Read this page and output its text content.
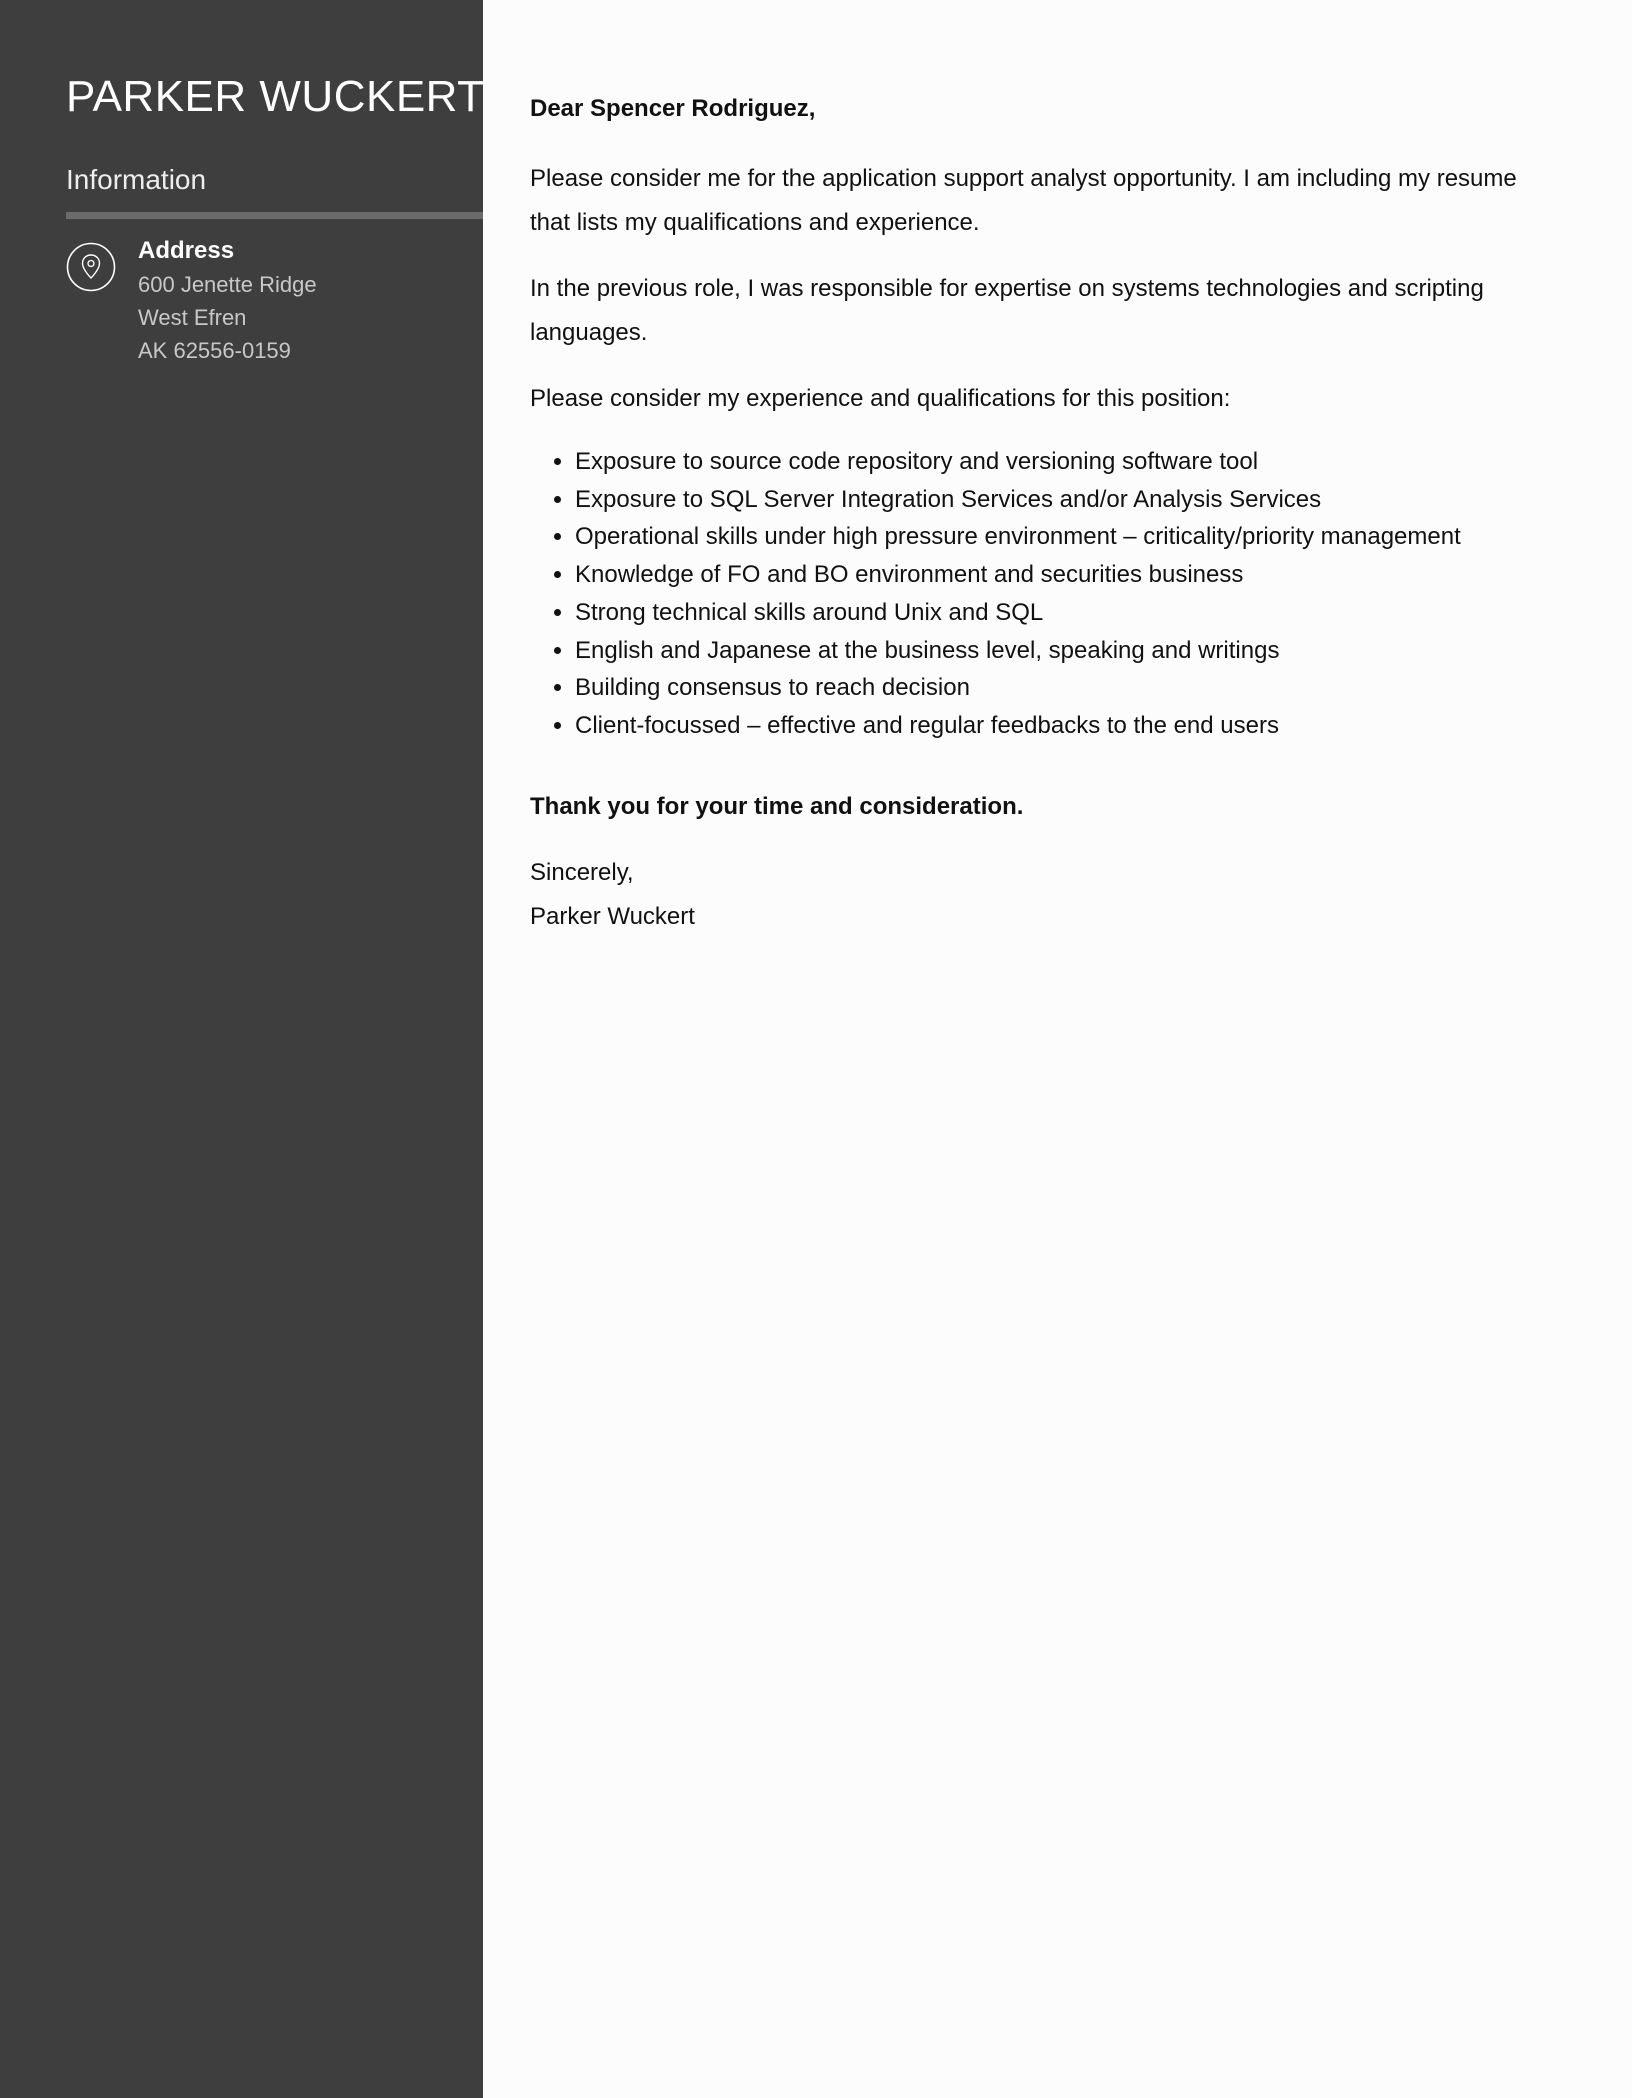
PARKER WUCKERT
Information
Address
600 Jenette Ridge
West Efren
AK 62556-0159

Dear Spencer Rodriguez,

Please consider me for the application support analyst opportunity. I am including my resume that lists my qualifications and experience.

In the previous role, I was responsible for expertise on systems technologies and scripting languages.

Please consider my experience and qualifications for this position:

• Exposure to source code repository and versioning software tool
• Exposure to SQL Server Integration Services and/or Analysis Services
• Operational skills under high pressure environment – criticality/priority management
• Knowledge of FO and BO environment and securities business
• Strong technical skills around Unix and SQL
• English and Japanese at the business level, speaking and writings
• Building consensus to reach decision
• Client-focussed – effective and regular feedbacks to the end users

Thank you for your time and consideration.

Sincerely,

Parker Wuckert
